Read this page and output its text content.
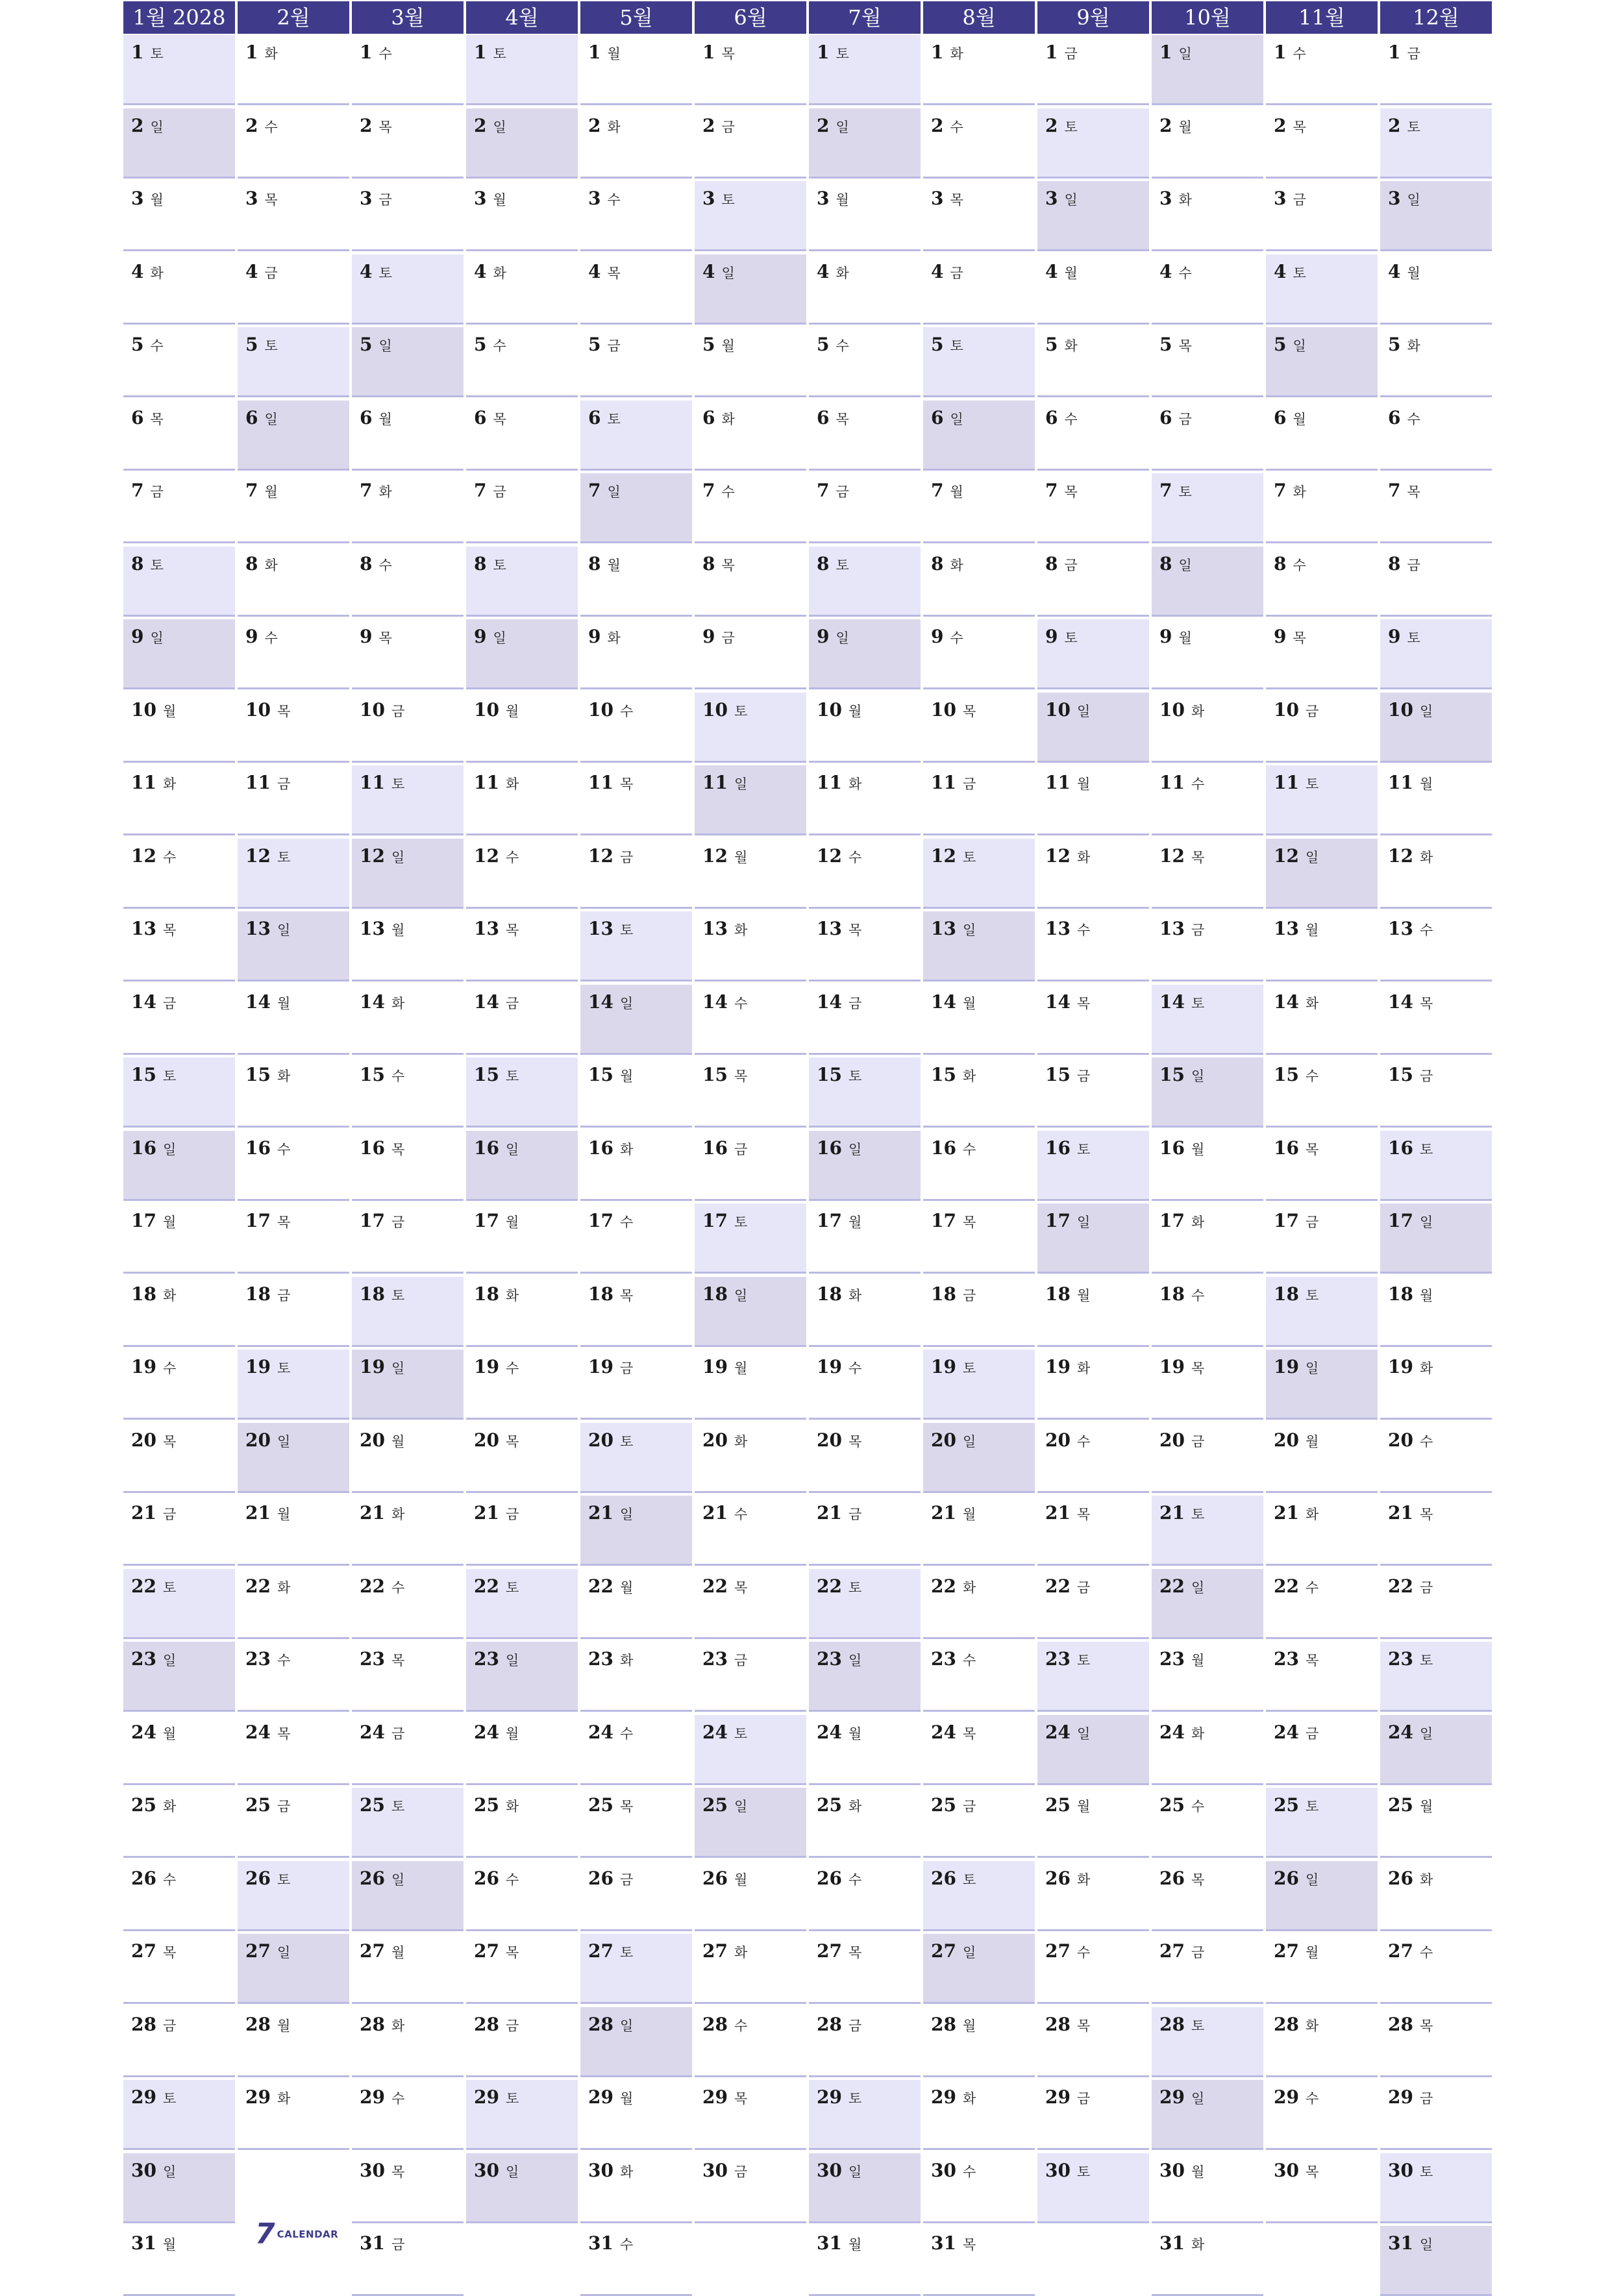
1월 2028
1 토
2 일
3 월
4 화
5 수
6 목
7 금
8 토
9 일
10 월
11 화
12 수
13 목
14 금
15 토
16 일
17 월
18 화
19 수
20 목
21 금
22 토
23 일
24 월
25 화
26 수
27 목
28 금
29 토
30 일
31 월
2월
1 화
2 수
3 목
4 금
5 토
6 일
7 월
8 화
9 수
10 목
11 금
12 토
13 일
14 월
15 화
16 수
17 목
18 금
19 토
20 일
21 월
22 화
23 수
24 목
25 금
26 토
27 일
28 월
29 화
3월
1 수
2 목
3 금
4 토
5 일
6 월
7 화
8 수
9 목
10 금
11 토
12 일
13 월
14 화
15 수
16 목
17 금
18 토
19 일
20 월
21 화
22 수
23 목
24 금
25 토
26 일
27 월
28 화
29 수
30 목
31 금
4월
1 토
2 일
3 월
4 화
5 수
6 목
7 금
8 토
9 일
10 월
11 화
12 수
13 목
14 금
15 토
16 일
17 월
18 화
19 수
20 목
21 금
22 토
23 일
24 월
25 화
26 수
27 목
28 금
29 토
30 일
5월
1 월
2 화
3 수
4 목
5 금
6 토
7 일
8 월
9 화
10 수
11 목
12 금
13 토
14 일
15 월
16 화
17 수
18 목
19 금
20 토
21 일
22 월
23 화
24 수
25 목
26 금
27 토
28 일
29 월
30 화
31 수
6월
1 목
2 금
3 토
4 일
5 월
6 화
7 수
8 목
9 금
10 토
11 일
12 월
13 화
14 수
15 목
16 금
17 토
18 일
19 월
20 화
21 수
22 목
23 금
24 토
25 일
26 월
27 화
28 수
29 목
30 금
7월
1 토
2 일
3 월
4 화
5 수
6 목
7 금
8 토
9 일
10 월
11 화
12 수
13 목
14 금
15 토
16 일
17 월
18 화
19 수
20 목
21 금
22 토
23 일
24 월
25 화
26 수
27 목
28 금
29 토
30 일
31 월
8월
1 화
2 수
3 목
4 금
5 토
6 일
7 월
8 화
9 수
10 목
11 금
12 토
13 일
14 월
15 화
16 수
17 목
18 금
19 토
20 일
21 월
22 화
23 수
24 목
25 금
26 토
27 일
28 월
29 화
30 수
31 목
9월
1 금
2 토
3 일
4 월
5 화
6 수
7 목
8 금
9 토
10 일
11 월
12 화
13 수
14 목
15 금
16 토
17 일
18 월
19 화
20 수
21 목
22 금
23 토
24 일
25 월
26 화
27 수
28 목
29 금
30 토
10월
1 일
2 월
3 화
4 수
5 목
6 금
7 토
8 일
9 월
10 화
11 수
12 목
13 금
14 토
15 일
16 월
17 화
18 수
19 목
20 금
21 토
22 일
23 월
24 화
25 수
26 목
27 금
28 토
29 일
30 월
31 화
11월
1 수
2 목
3 금
4 토
5 일
6 월
7 화
8 수
9 목
10 금
11 토
12 일
13 월
14 화
15 수
16 목
17 금
18 토
19 일
20 월
21 화
22 수
23 목
24 금
25 토
26 일
27 월
28 화
29 수
30 목
12월
1 금
2 토
3 일
4 월
5 화
6 수
7 목
8 금
9 토
10 일
11 월
12 화
13 수
14 목
15 금
16 토
17 일
18 월
19 화
20 수
21 목
22 금
23 토
24 일
25 월
26 화
27 수
28 목
29 금
30 토
31 일
7 CALENDAR
